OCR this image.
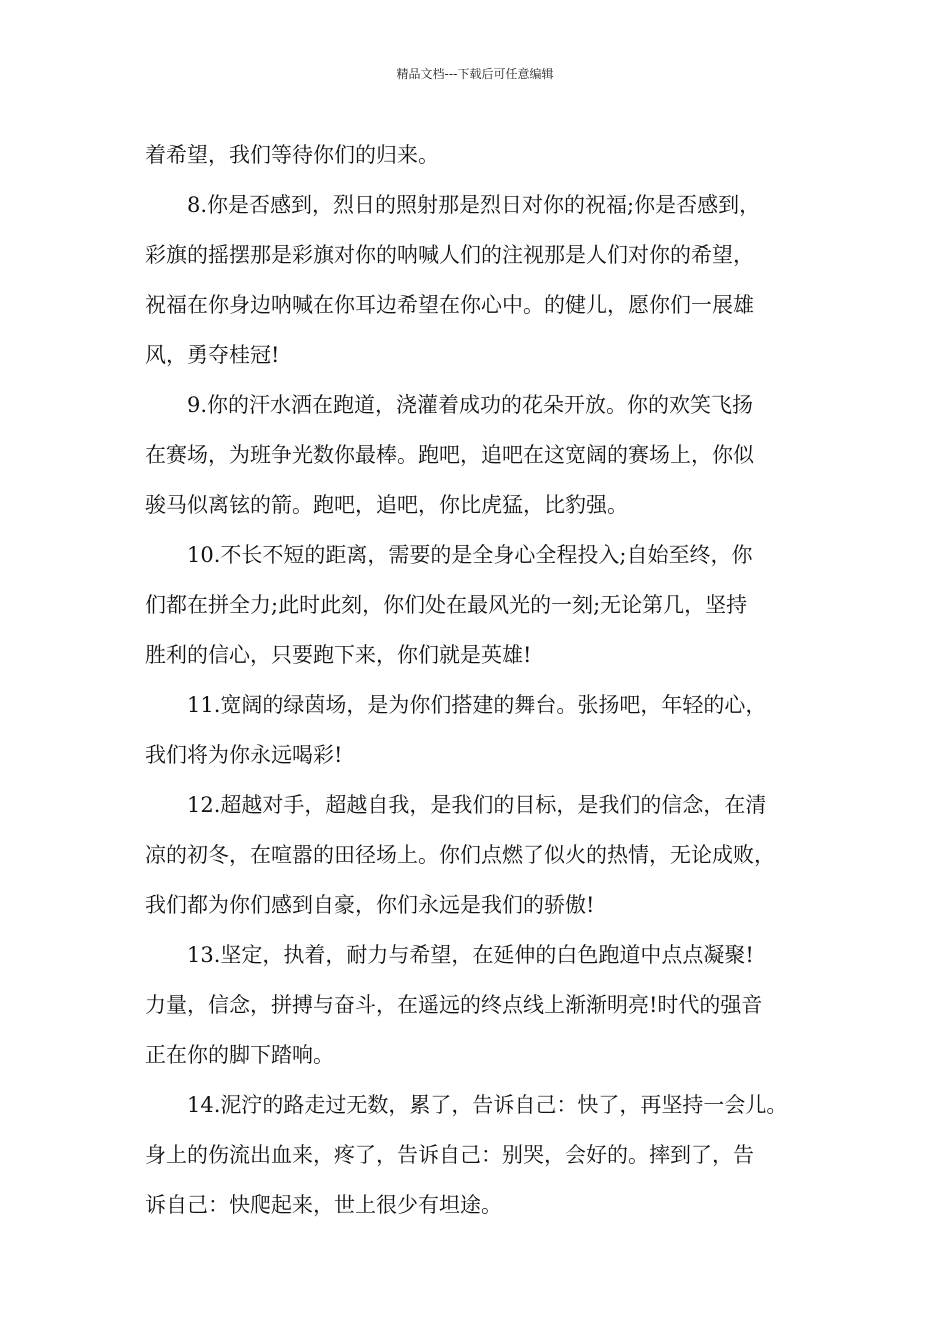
精品文档---下载后可任意编辑
着希望，我们等待你们的归来。
8.你是否感到，烈日的照射那是烈日对你的祝福;你是否感到，
彩旗的摇摆那是彩旗对你的呐喊人们的注视那是人们对你的希望，
祝福在你身边呐喊在你耳边希望在你心中。的健儿，愿你们一展雄
风，勇夺桂冠!
9.你的汗水洒在跑道，浇灌着成功的花朵开放。你的欢笑飞扬
在赛场，为班争光数你最棒。跑吧，追吧在这宽阔的赛场上，你似
骏马似离铉的箭。跑吧，追吧，你比虎猛，比豹强。
10.不长不短的距离，需要的是全身心全程投入;自始至终，你
们都在拼全力;此时此刻，你们处在最风光的一刻;无论第几，坚持
胜利的信心，只要跑下来，你们就是英雄!
11.宽阔的绿茵场，是为你们搭建的舞台。张扬吧，年轻的心，
我们将为你永远喝彩!
12.超越对手，超越自我，是我们的目标，是我们的信念，在清
凉的初冬，在喧嚣的田径场上。你们点燃了似火的热情，无论成败，
我们都为你们感到自豪，你们永远是我们的骄傲!
13.坚定，执着，耐力与希望，在延伸的白色跑道中点点凝聚!
力量，信念，拼搏与奋斗，在遥远的终点线上渐渐明亮!时代的强音
正在你的脚下踏响。
14.泥泞的路走过无数，累了，告诉自己：快了，再坚持一会儿。
身上的伤流出血来，疼了，告诉自己：别哭，会好的。摔到了，告
诉自己：快爬起来，世上很少有坦途。
